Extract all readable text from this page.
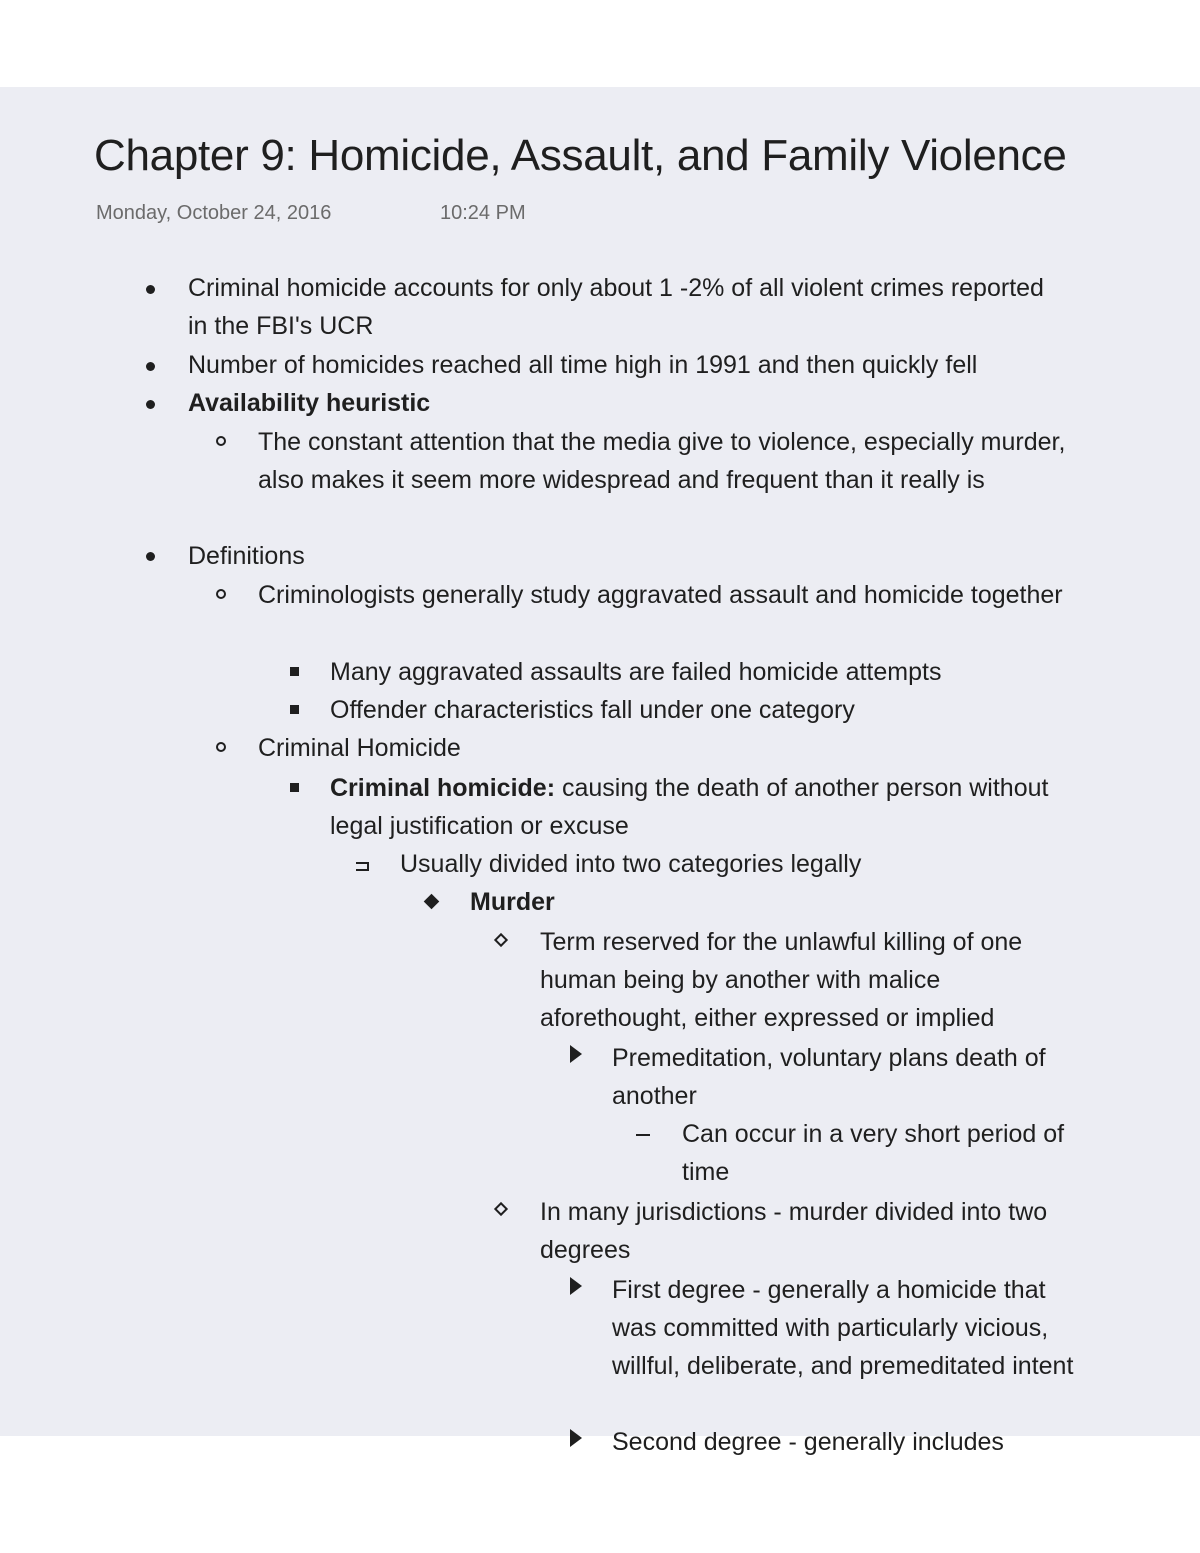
Chapter 9: Homicide, Assault, and Family Violence
Monday, October 24, 2016	10:24 PM
Criminal homicide accounts for only about 1 -2% of all violent crimes reported in the FBI's UCR
Number of homicides reached all time high in 1991 and then quickly fell
Availability heuristic
The constant attention that the media give to violence, especially murder, also makes it seem more widespread and frequent than it really is
Definitions
Criminologists generally study aggravated assault and homicide together
Many aggravated assaults are failed homicide attempts
Offender characteristics fall under one category
Criminal Homicide
Criminal homicide: causing the death of another person without legal justification or excuse
Usually divided into two categories legally
Murder
Term reserved for the unlawful killing of one human being by another with malice aforethought, either expressed or implied
Premeditation, voluntary plans death of another
Can occur in a very short period of time
In many jurisdictions - murder divided into two degrees
First degree - generally a homicide that was committed with particularly vicious, willful, deliberate, and premeditated intent
Second degree - generally includes
